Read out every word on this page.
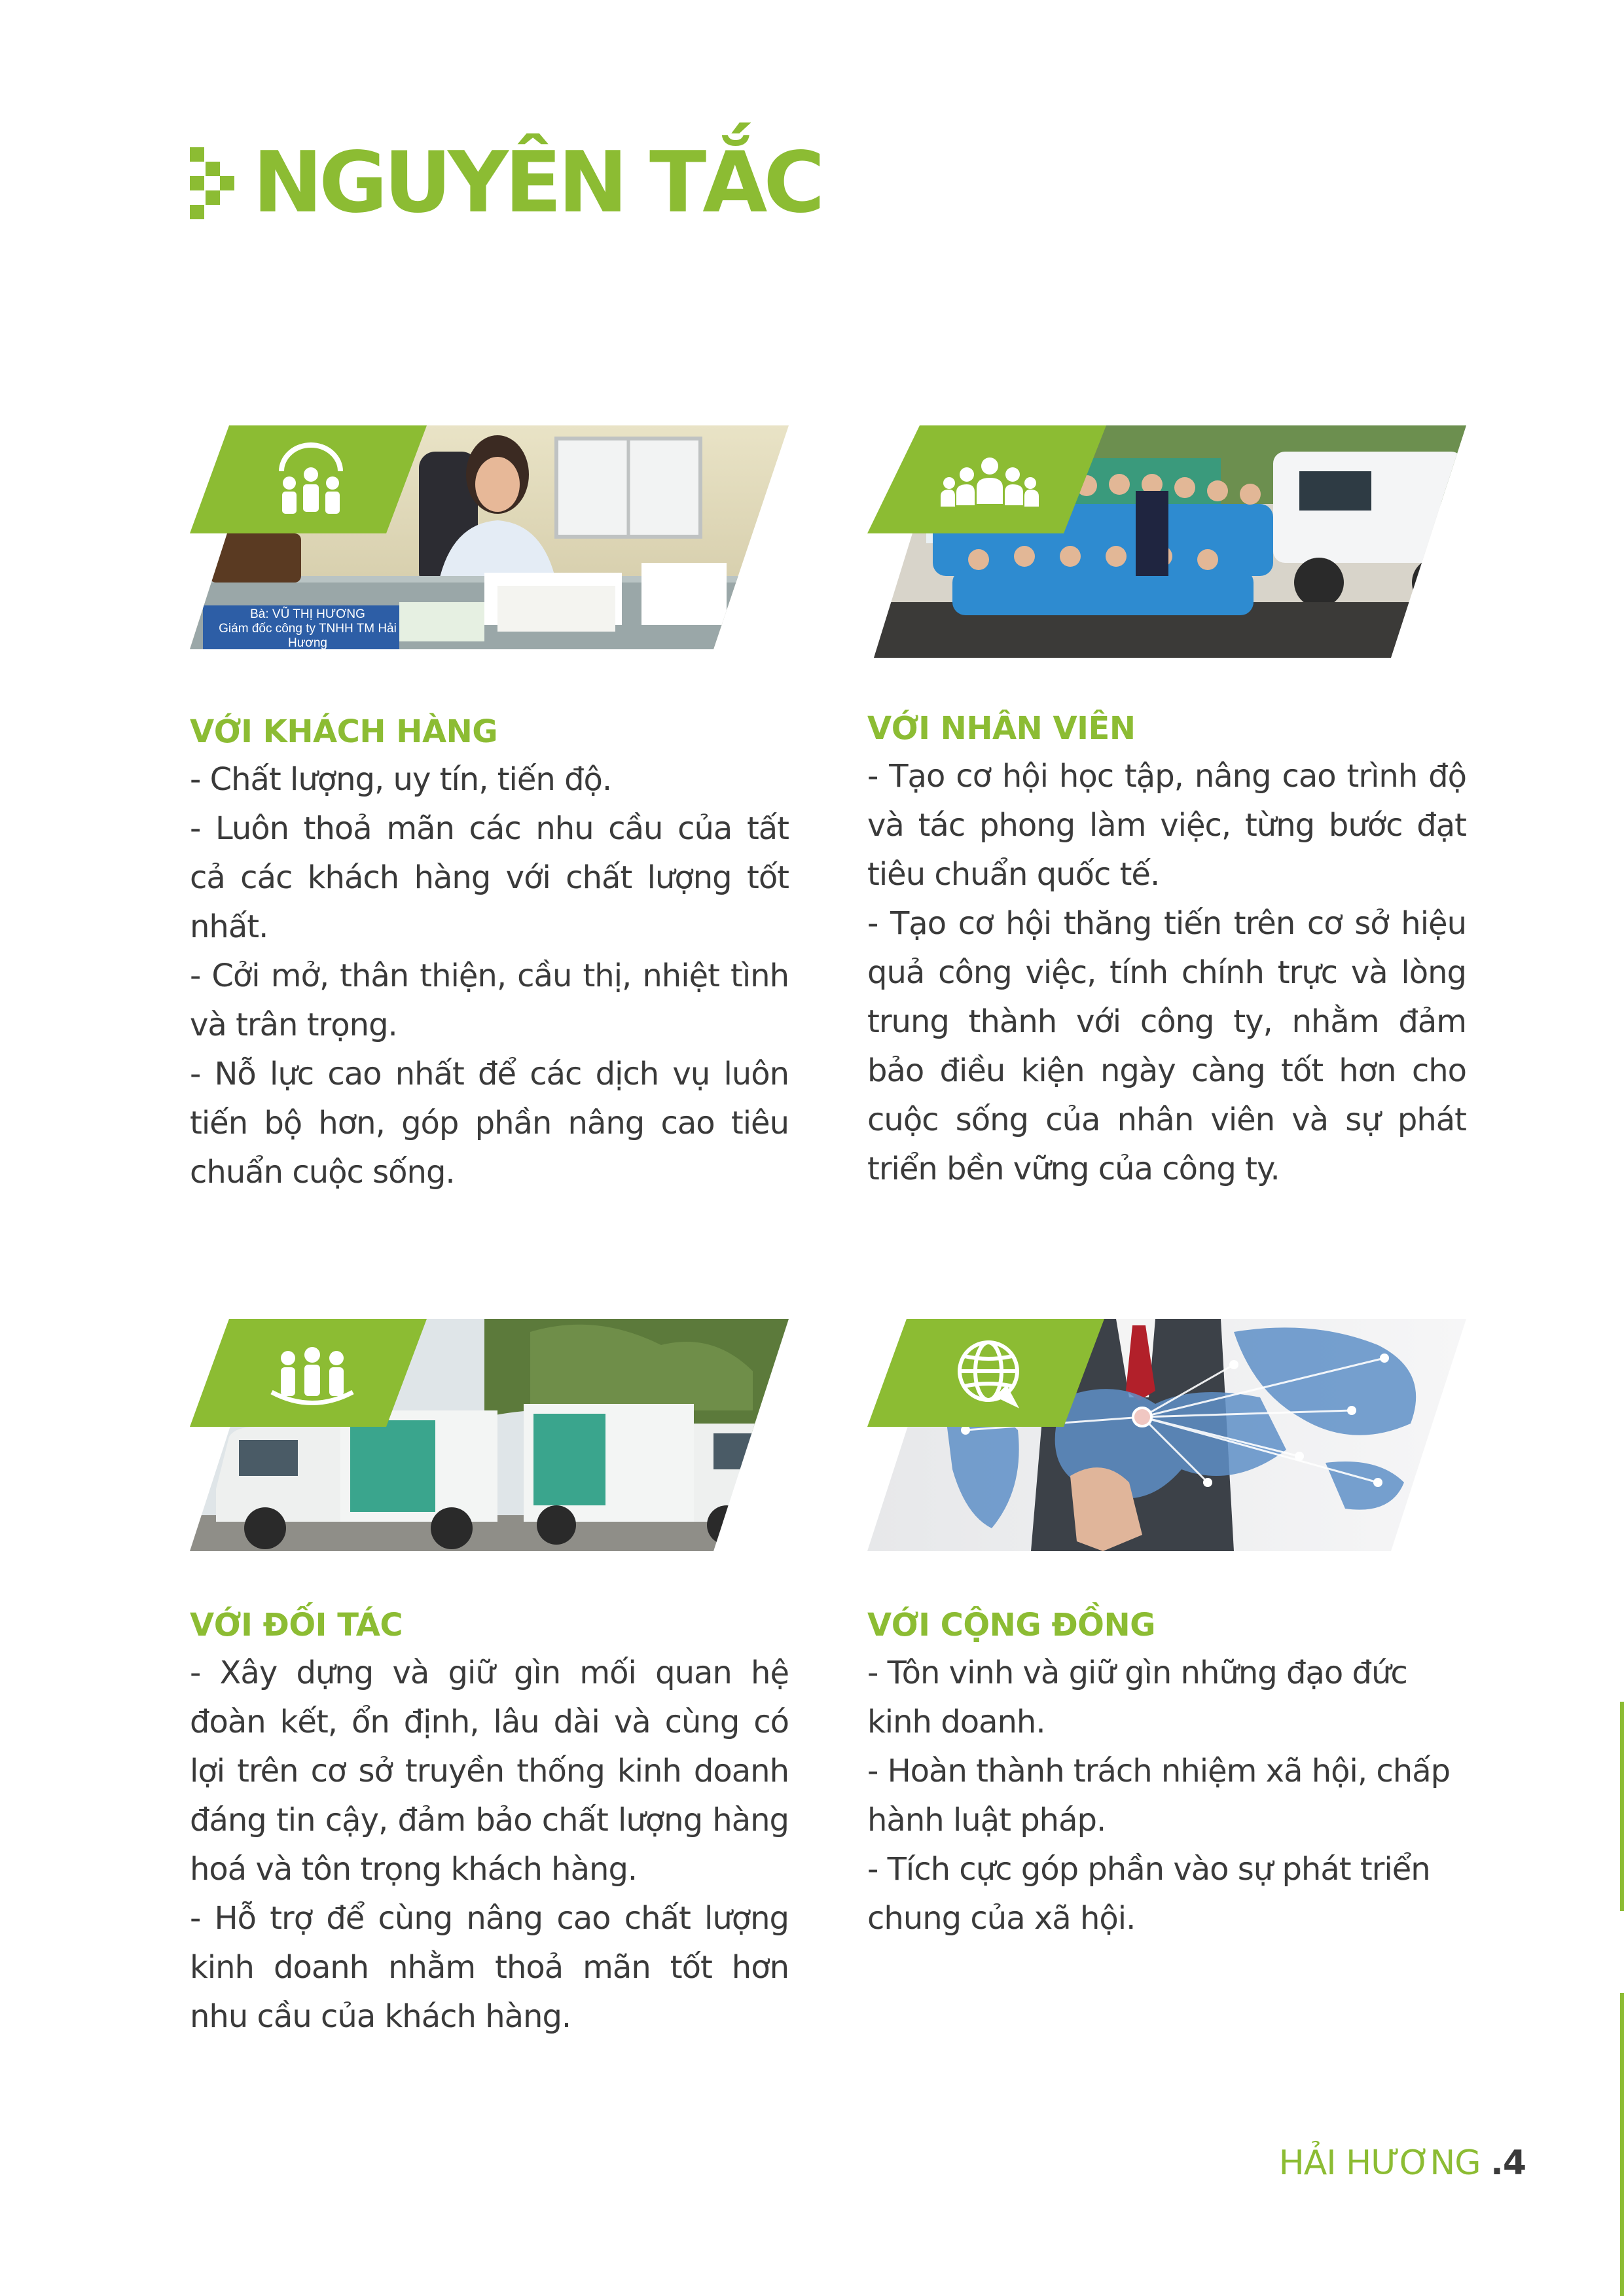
NGUYÊN TẮC
Bà: VŨ THỊ HƯƠNG
Giám đốc công ty TNHH TM Hải Hương
VỚI KHÁCH HÀNG

- Chất lượng, uy tín, tiến độ.

- Luôn thoả mãn các nhu cầu của tất cả các khách hàng với chất lượng tốt nhất.

- Cởi mở, thân thiện, cầu thị, nhiệt tình và trân trọng.

- Nỗ lực cao nhất để các dịch vụ luôn tiến bộ hơn, góp phần nâng cao tiêu chuẩn cuộc sống.

VỚI NHÂN VIÊN

- Tạo cơ hội học tập, nâng cao trình độ và tác phong làm việc, từng bước đạt tiêu chuẩn quốc tế.

- Tạo cơ hội thăng tiến trên cơ sở hiệu quả công việc, tính chính trực và lòng trung thành với công ty, nhằm đảm bảo điều kiện ngày càng tốt hơn cho cuộc sống của nhân viên và sự phát triển bền vững của công ty.

VỚI ĐỐI TÁC

- Xây dựng và giữ gìn mối quan hệ đoàn kết, ổn định, lâu dài và cùng có lợi trên cơ sở truyền thống kinh doanh đáng tin cậy, đảm bảo chất lượng hàng hoá và tôn trọng khách hàng.

- Hỗ trợ để cùng nâng cao chất lượng kinh doanh nhằm thoả mãn tốt hơn nhu cầu của khách hàng.

VỚI CỘNG ĐỒNG

- Tôn vinh và giữ gìn những đạo đức kinh doanh.

- Hoàn thành trách nhiệm xã hội, chấp hành luật pháp.

- Tích cực góp phần vào sự phát triển chung của xã hội.

HẢI HƯƠNG .4
